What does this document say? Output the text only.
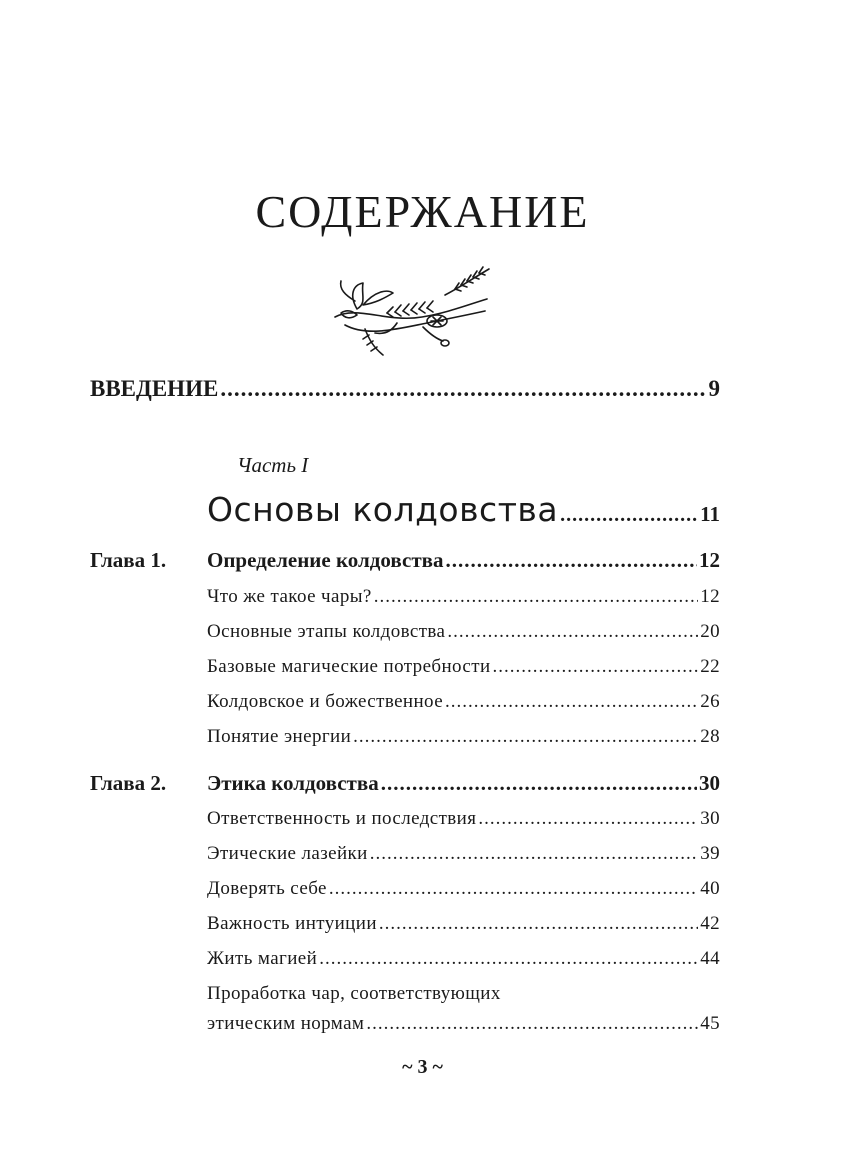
СОДЕРЖАНИЕ
ВВЕДЕНИЕ .....	9
Часть I
Основы колдовства .....	11
Глава 1. Определение колдовства .....	12
Что же такое чары? .....	12
Основные этапы колдовства .....	20
Базовые магические потребности .....	22
Колдовское и божественное .....	26
Понятие энергии .....	28
Глава 2. Этика колдовства .....	30
Ответственность и последствия .....	30
Этические лазейки .....	39
Доверять себе .....	40
Важность интуиции .....	42
Жить магией .....	44
Проработка чар, соответствующих
этическим нормам .....	45
~ 3 ~
